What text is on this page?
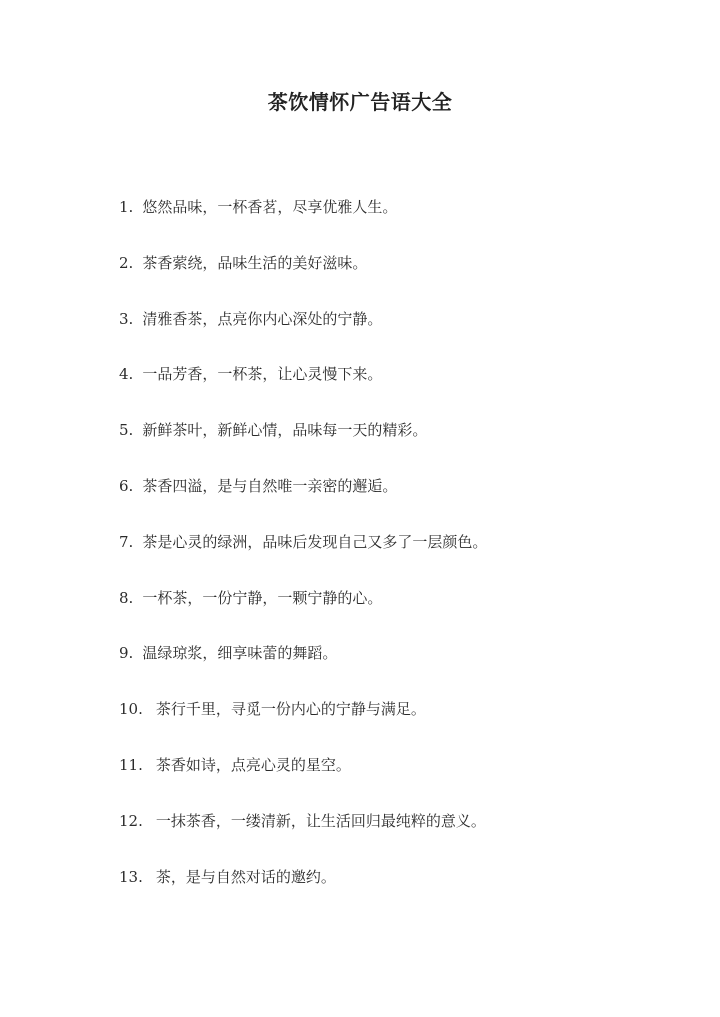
茶饮情怀广告语大全
1. 悠然品味，一杯香茗，尽享优雅人生。
2. 茶香萦绕，品味生活的美好滋味。
3. 清雅香茶，点亮你内心深处的宁静。
4. 一品芳香，一杯茶，让心灵慢下来。
5. 新鲜茶叶，新鲜心情，品味每一天的精彩。
6. 茶香四溢，是与自然唯一亲密的邂逅。
7. 茶是心灵的绿洲，品味后发现自己又多了一层颜色。
8. 一杯茶，一份宁静，一颗宁静的心。
9. 温绿琼浆，细享味蕾的舞蹈。
10. 茶行千里，寻觅一份内心的宁静与满足。
11. 茶香如诗，点亮心灵的星空。
12. 一抹茶香，一缕清新，让生活回归最纯粹的意义。
13. 茶，是与自然对话的邀约。
